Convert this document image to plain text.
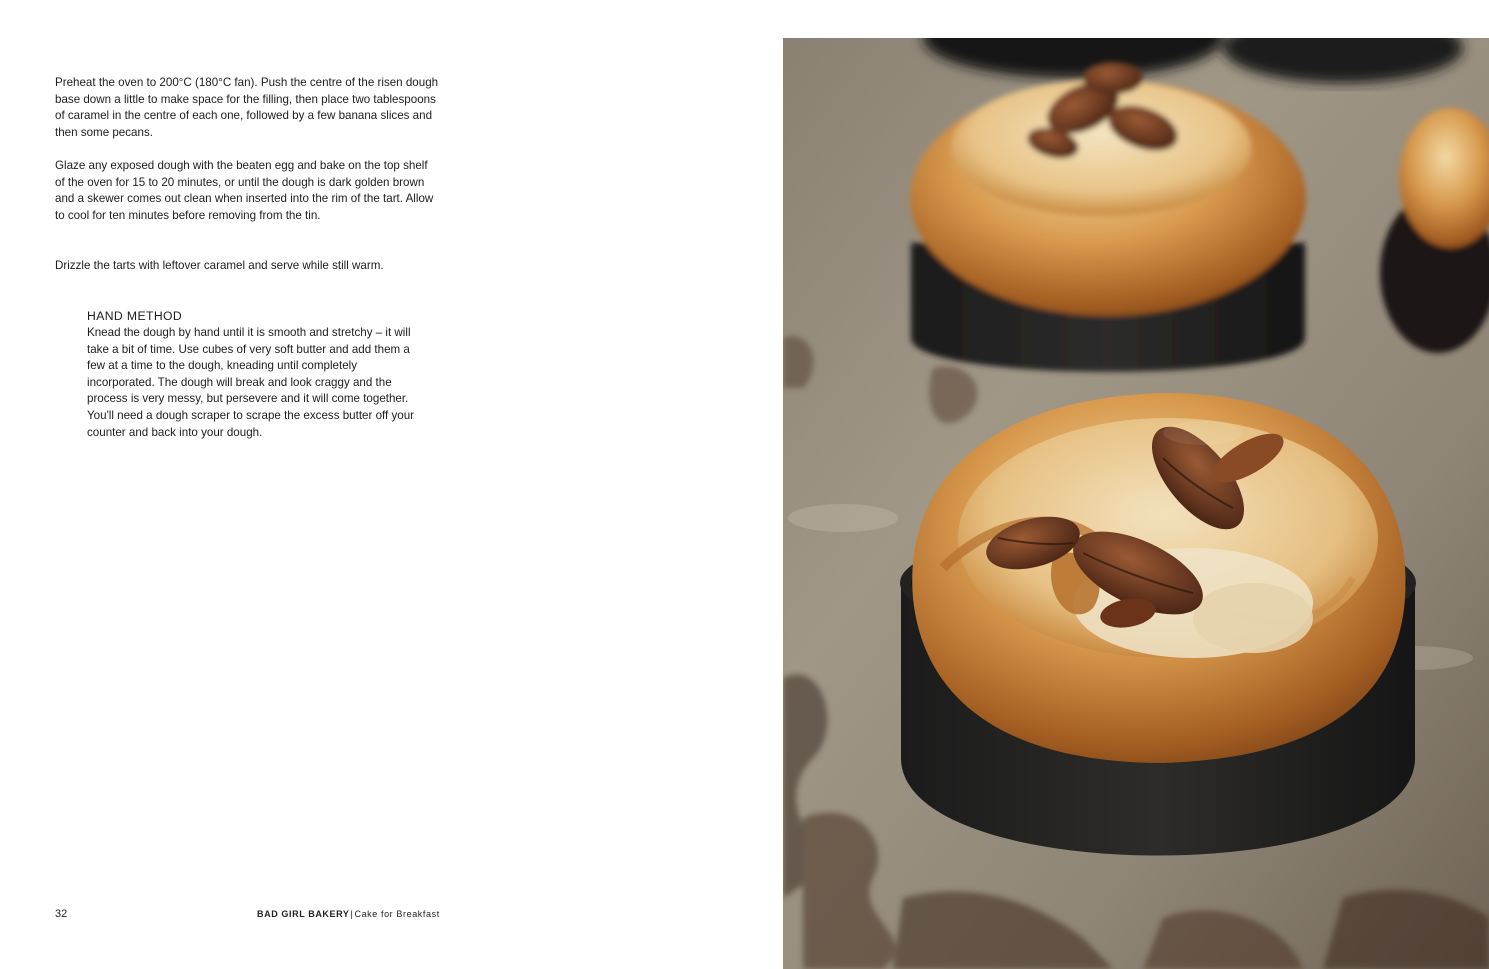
Preheat the oven to 200°C (180°C fan). Push the centre of the risen dough base down a little to make space for the filling, then place two tablespoons of caramel in the centre of each one, followed by a few banana slices and then some pecans.

Glaze any exposed dough with the beaten egg and bake on the top shelf of the oven for 15 to 20 minutes, or until the dough is dark golden brown and a skewer comes out clean when inserted into the rim of the tart. Allow to cool for ten minutes before removing from the tin.

Drizzle the tarts with leftover caramel and serve while still warm.

HAND METHOD

Knead the dough by hand until it is smooth and stretchy – it will take a bit of time. Use cubes of very soft butter and add them a few at a time to the dough, kneading until completely incorporated. The dough will break and look craggy and the process is very messy, but persevere and it will come together. You'll need a dough scraper to scrape the excess butter off your counter and back into your dough.

32	BAD GIRL BAKERY|Cake for Breakfast
